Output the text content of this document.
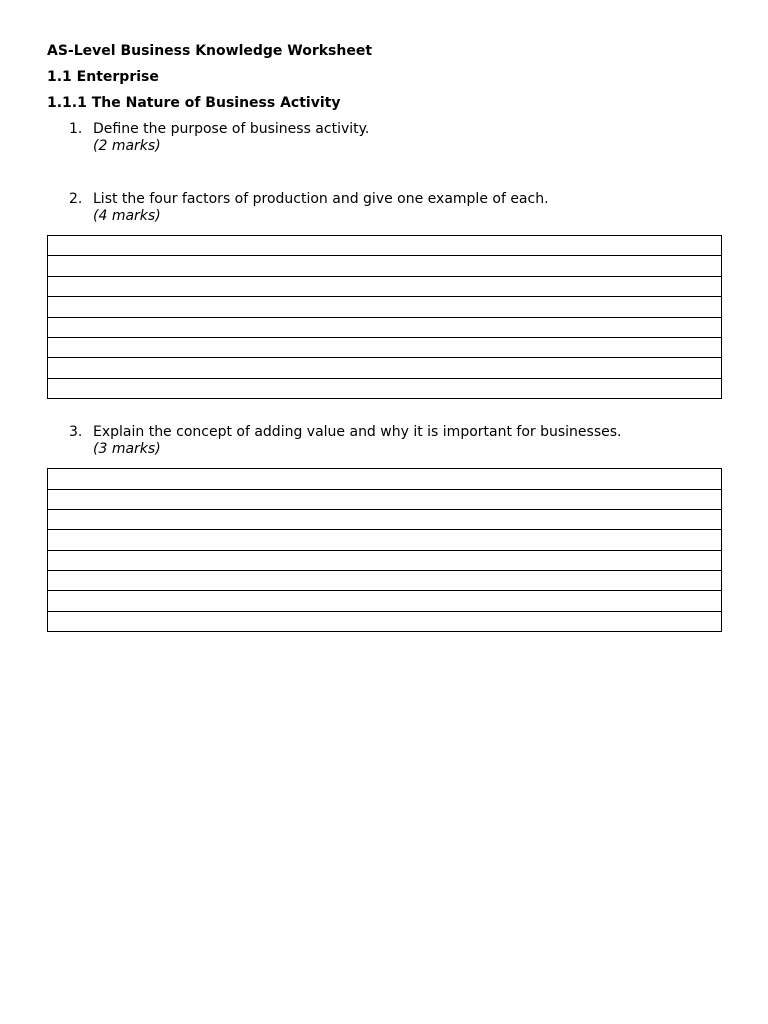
AS-Level Business Knowledge Worksheet
1.1 Enterprise
1.1.1 The Nature of Business Activity
1. Define the purpose of business activity.
(2 marks)
2. List the four factors of production and give one example of each.
(4 marks)

3. Explain the concept of adding value and why it is important for businesses.
(3 marks)
